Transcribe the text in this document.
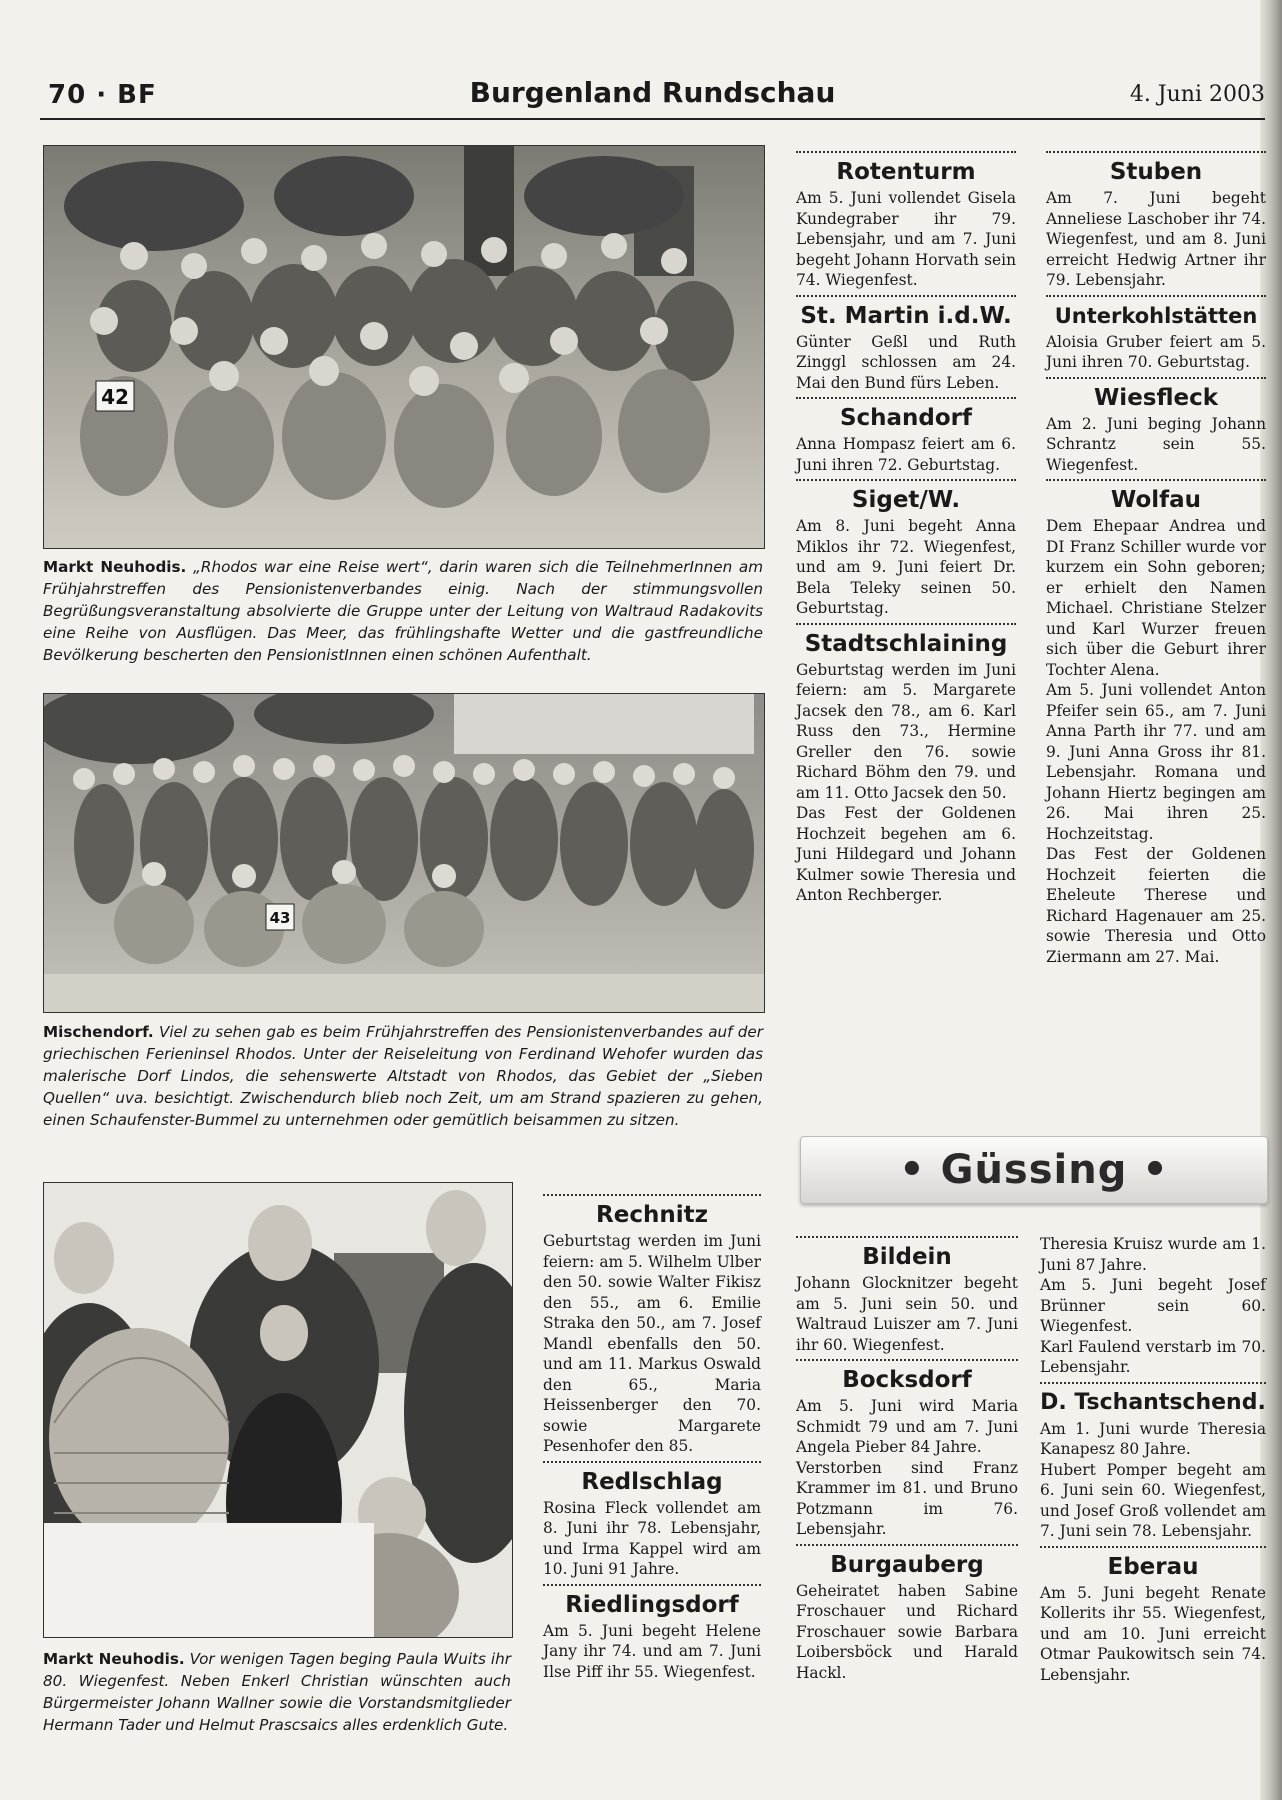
70 · BF	Burgenland Rundschau	4. Juni 2003
42

Markt Neuhodis. „Rhodos war eine Reise wert“, darin waren sich die TeilnehmerInnen am Frühjahrstreffen des Pensionistenverbandes einig. Nach der stimmungsvollen Begrüßungsveranstaltung absolvierte die Gruppe unter der Leitung von Waltraud Radakovits eine Reihe von Ausflügen. Das Meer, das frühlingshafte Wetter und die gastfreundliche Bevölkerung bescherten den PensionistInnen einen schönen Aufenthalt.

43

Mischendorf. Viel zu sehen gab es beim Frühjahrstreffen des Pensionistenverbandes auf der griechischen Ferieninsel Rhodos. Unter der Reiseleitung von Ferdinand Wehofer wurden das malerische Dorf Lindos, die sehenswerte Altstadt von Rhodos, das Gebiet der „Sieben Quellen“ uva. besichtigt. Zwischendurch blieb noch Zeit, um am Strand spazieren zu gehen, einen Schaufenster-Bummel zu unternehmen oder gemütlich beisammen zu sitzen.

Markt Neuhodis. Vor wenigen Tagen beging Paula Wuits ihr 80. Wiegenfest. Neben Enkerl Christian wünschten auch Bürgermeister Johann Wallner sowie die Vorstandsmitglieder Hermann Tader und Helmut Prascsaics alles erdenklich Gute.

Rechnitz

Geburtstag werden im Juni feiern: am 5. Wilhelm Ulber den 50. sowie Walter Fikisz den 55., am 6. Emilie Straka den 50., am 7. Josef Mandl ebenfalls den 50. und am 11. Markus Oswald den 65., Maria Heissenberger den 70. sowie Margarete Pesenhofer den 85.

Redlschlag

Rosina Fleck vollendet am 8. Juni ihr 78. Lebensjahr, und Irma Kappel wird am 10. Juni 91 Jahre.

Riedlingsdorf

Am 5. Juni begeht Helene Jany ihr 74. und am 7. Juni Ilse Piff ihr 55. Wiegenfest.

Rotenturm

Am 5. Juni vollendet Gisela Kundegraber ihr 79. Lebensjahr, und am 7. Juni begeht Johann Horvath sein 74. Wiegenfest.

St. Martin i.d.W.

Günter Geßl und Ruth Zinggl schlossen am 24. Mai den Bund fürs Leben.

Schandorf

Anna Hompasz feiert am 6. Juni ihren 72. Geburtstag.

Siget/W.

Am 8. Juni begeht Anna Miklos ihr 72. Wiegenfest, und am 9. Juni feiert Dr. Bela Teleky seinen 50. Geburtstag.

Stadtschlaining

Geburtstag werden im Juni feiern: am 5. Margarete Jacsek den 78., am 6. Karl Russ den 73., Hermine Greller den 76. sowie Richard Böhm den 79. und am 11. Otto Jacsek den 50.

Das Fest der Goldenen Hochzeit begehen am 6. Juni Hildegard und Johann Kulmer sowie Theresia und Anton Rechberger.

Stuben

Am 7. Juni begeht Anneliese Laschober ihr 74. Wiegenfest, und am 8. Juni erreicht Hedwig Artner ihr 79. Lebensjahr.

Unterkohlstätten

Aloisia Gruber feiert am 5. Juni ihren 70. Geburtstag.

Wiesfleck

Am 2. Juni beging Johann Schrantz sein 55. Wiegenfest.

Wolfau

Dem Ehepaar Andrea und DI Franz Schiller wurde vor kurzem ein Sohn geboren; er erhielt den Namen Michael. Christiane Stelzer und Karl Wurzer freuen sich über die Geburt ihrer Tochter Alena.

Am 5. Juni vollendet Anton Pfeifer sein 65., am 7. Juni Anna Parth ihr 77. und am 9. Juni Anna Gross ihr 81. Lebensjahr. Romana und Johann Hiertz begingen am 26. Mai ihren 25. Hochzeitstag.

Das Fest der Goldenen Hochzeit feierten die Eheleute Therese und Richard Hagenauer am 25. sowie Theresia und Otto Ziermann am 27. Mai.

• Güssing •
Bildein

Johann Glocknitzer begeht am 5. Juni sein 50. und Waltraud Luiszer am 7. Juni ihr 60. Wiegenfest.

Bocksdorf

Am 5. Juni wird Maria Schmidt 79 und am 7. Juni Angela Pieber 84 Jahre.

Verstorben sind Franz Krammer im 81. und Bruno Potzmann im 76. Lebensjahr.

Burgauberg

Geheiratet haben Sabine Froschauer und Richard Froschauer sowie Barbara Loibersböck und Harald Hackl.

Theresia Kruisz wurde am 1. Juni 87 Jahre.

Am 5. Juni begeht Josef Brünner sein 60. Wiegenfest.

Karl Faulend verstarb im 70. Lebensjahr.

D. Tschantschend.

Am 1. Juni wurde Theresia Kanapesz 80 Jahre.

Hubert Pomper begeht am 6. Juni sein 60. Wiegenfest, und Josef Groß vollendet am 7. Juni sein 78. Lebensjahr.

Eberau

Am 5. Juni begeht Renate Kollerits ihr 55. Wiegenfest, und am 10. Juni erreicht Otmar Paukowitsch sein 74. Lebensjahr.
